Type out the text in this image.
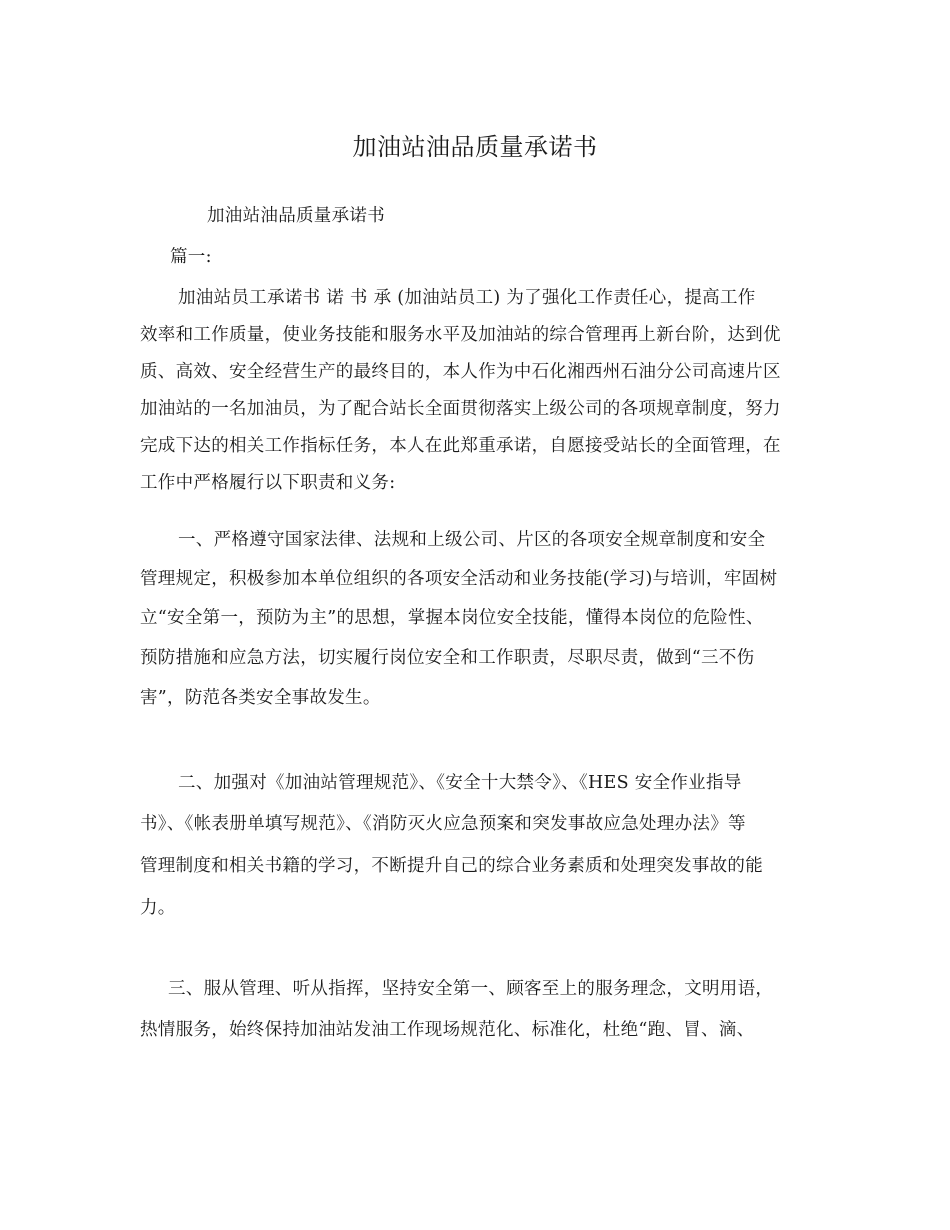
加油站油品质量承诺书
加油站油品质量承诺书
篇一:
加油站员工承诺书 诺 书 承 (加油站员工) 为了强化工作责任心，提高工作
效率和工作质量，使业务技能和服务水平及加油站的综合管理再上新台阶，达到优
质、高效、安全经营生产的最终目的，本人作为中石化湘西州石油分公司高速片区
加油站的一名加油员，为了配合站长全面贯彻落实上级公司的各项规章制度，努力
完成下达的相关工作指标任务，本人在此郑重承诺，自愿接受站长的全面管理，在
工作中严格履行以下职责和义务:
一、严格遵守国家法律、法规和上级公司、片区的各项安全规章制度和安全
管理规定，积极参加本单位组织的各项安全活动和业务技能(学习)与培训，牢固树
立“安全第一，预防为主”的思想，掌握本岗位安全技能，懂得本岗位的危险性、
预防措施和应急方法，切实履行岗位安全和工作职责，尽职尽责，做到“三不伤
害”，防范各类安全事故发生。
二、加强对《加油站管理规范》、《安全十大禁令》、《HES 安全作业指导
书》、《帐表册单填写规范》、《消防灭火应急预案和突发事故应急处理办法》等
管理制度和相关书籍的学习，不断提升自己的综合业务素质和处理突发事故的能
力。
三、服从管理、听从指挥，坚持安全第一、顾客至上的服务理念，文明用语，
热情服务，始终保持加油站发油工作现场规范化、标准化，杜绝“跑、冒、滴、
